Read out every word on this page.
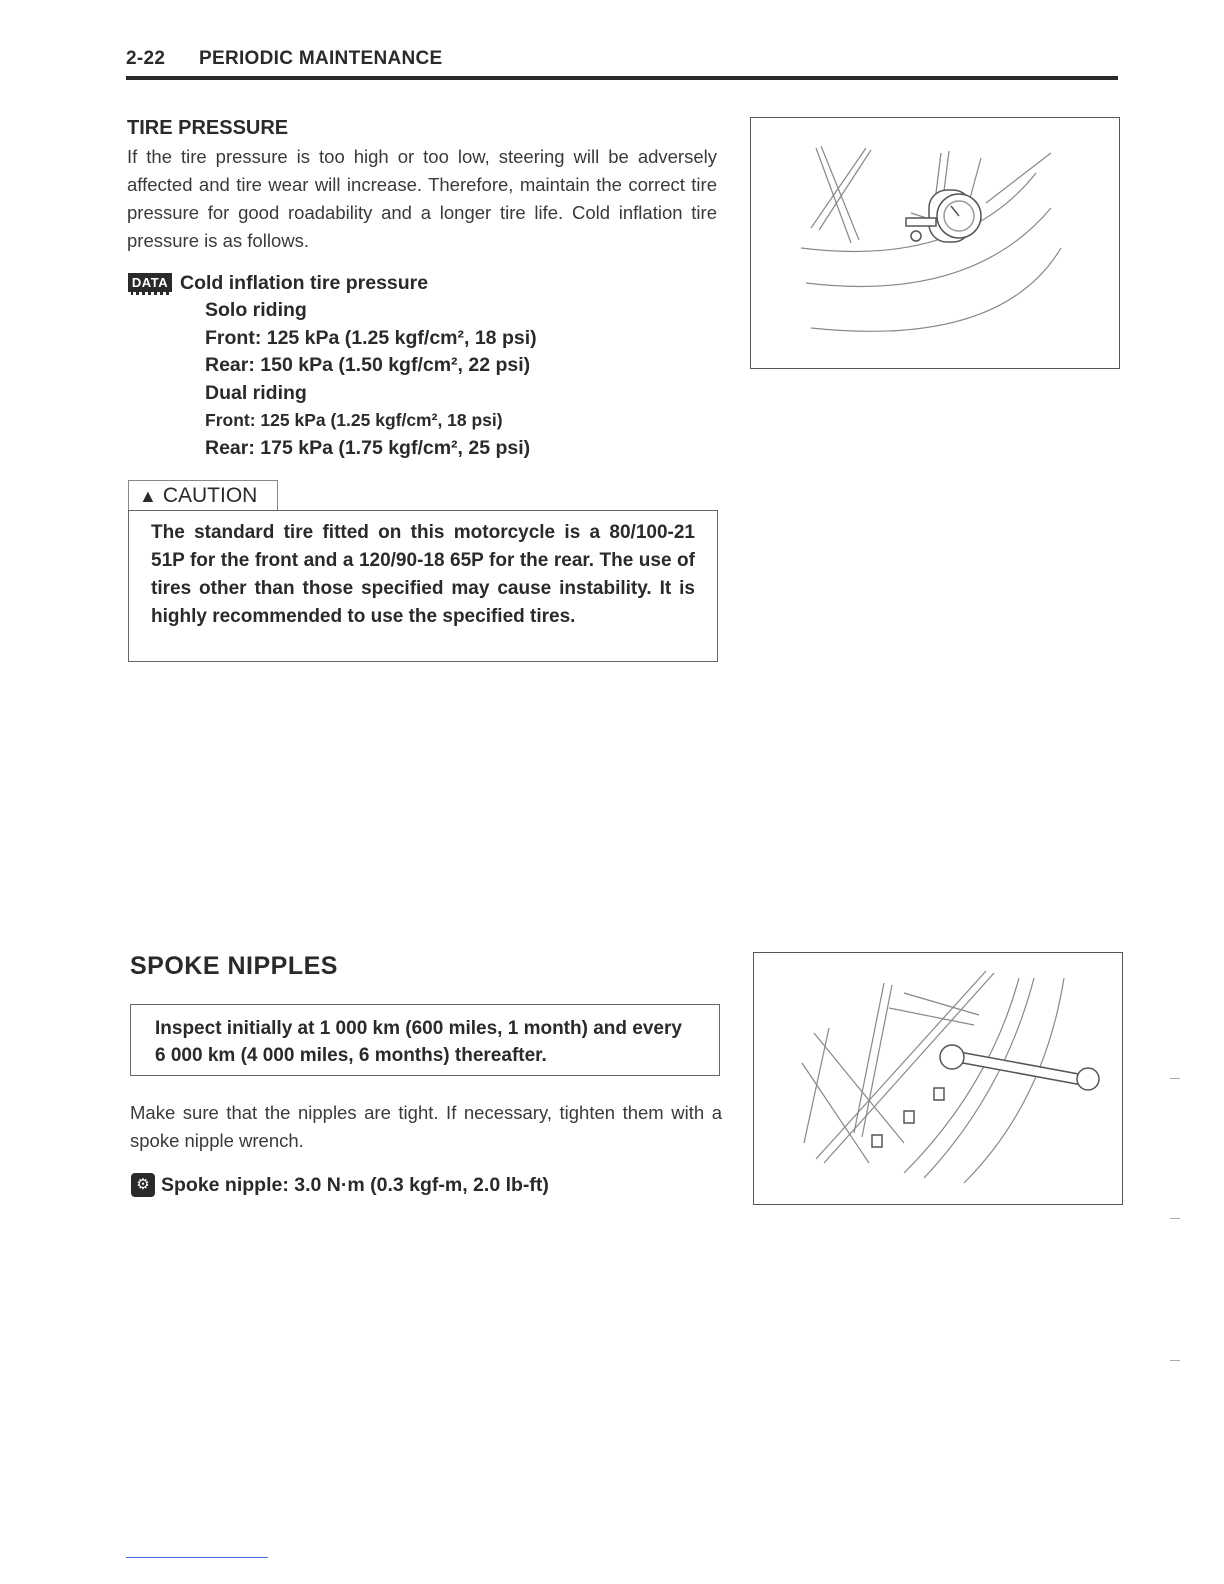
2-22 PERIODIC MAINTENANCE
TIRE PRESSURE
If the tire pressure is too high or too low, steering will be adversely affected and tire wear will increase. Therefore, maintain the correct tire pressure for good roadability and a longer tire life. Cold inflation tire pressure is as follows.
DATA Cold inflation tire pressure
Solo riding
Front: 125 kPa (1.25 kgf/cm², 18 psi)
Rear: 150 kPa (1.50 kgf/cm², 22 psi)
Dual riding
Front: 125 kPa (1.25 kgf/cm², 18 psi)
Rear: 175 kPa (1.75 kgf/cm², 25 psi)
▲ CAUTION
The standard tire fitted on this motorcycle is a 80/100-21 51P for the front and a 120/90-18 65P for the rear. The use of tires other than those specified may cause instability. It is highly recommended to use the specified tires.
SPOKE NIPPLES
Inspect initially at 1 000 km (600 miles, 1 month) and every 6 000 km (4 000 miles, 6 months) thereafter.
Make sure that the nipples are tight. If necessary, tighten them with a spoke nipple wrench.
⚙ Spoke nipple: 3.0 N·m (0.3 kgf-m, 2.0 lb-ft)
